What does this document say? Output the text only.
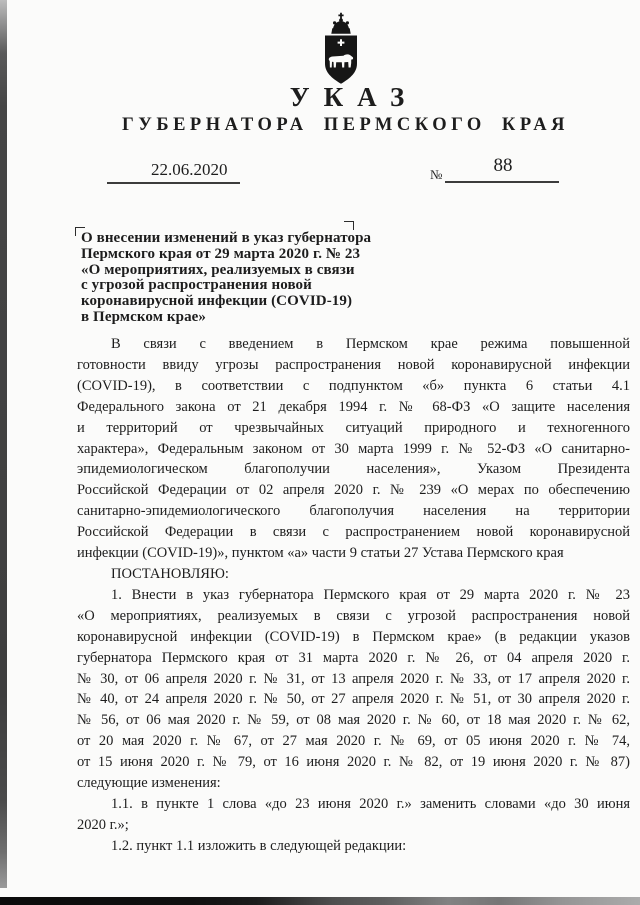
УКАЗ
ГУБЕРНАТОРА ПЕРМСКОГО КРАЯ
22.06.2020	№	88
О внесении изменений в указ губернатора
Пермского края от 29 марта 2020 г. № 23
«О мероприятиях, реализуемых в связи
с угрозой распространения новой
коронавирусной инфекции (COVID-19)
в Пермском крае»
В связи с введением в Пермском крае режима повышенной
готовности ввиду угрозы распространения новой коронавирусной инфекции
(COVID-19), в соответствии с подпунктом «б» пункта 6 статьи 4.1
Федерального закона от 21 декабря 1994 г. № 68-ФЗ «О защите населения
и территорий от чрезвычайных ситуаций природного и техногенного
характера», Федеральным законом от 30 марта 1999 г. № 52-ФЗ «О санитарно-
эпидемиологическом благополучии населения», Указом Президента
Российской Федерации от 02 апреля 2020 г. № 239 «О мерах по обеспечению
санитарно-эпидемиологического благополучия населения на территории
Российской Федерации в связи с распространением новой коронавирусной
инфекции (COVID-19)», пунктом «а» части 9 статьи 27 Устава Пермского края
ПОСТАНОВЛЯЮ:
1. Внести в указ губернатора Пермского края от 29 марта 2020 г. № 23
«О мероприятиях, реализуемых в связи с угрозой распространения новой
коронавирусной инфекции (COVID-19) в Пермском крае» (в редакции указов
губернатора Пермского края от 31 марта 2020 г. № 26, от 04 апреля 2020 г.
№ 30, от 06 апреля 2020 г. № 31, от 13 апреля 2020 г. № 33, от 17 апреля 2020 г.
№ 40, от 24 апреля 2020 г. № 50, от 27 апреля 2020 г. № 51, от 30 апреля 2020 г.
№ 56, от 06 мая 2020 г. № 59, от 08 мая 2020 г. № 60, от 18 мая 2020 г. № 62,
от 20 мая 2020 г. № 67, от 27 мая 2020 г. № 69, от 05 июня 2020 г. № 74,
от 15 июня 2020 г. № 79, от 16 июня 2020 г. № 82, от 19 июня 2020 г. № 87)
следующие изменения:
1.1. в пункте 1 слова «до 23 июня 2020 г.» заменить словами «до 30 июня
2020 г.»;
1.2. пункт 1.1 изложить в следующей редакции:
